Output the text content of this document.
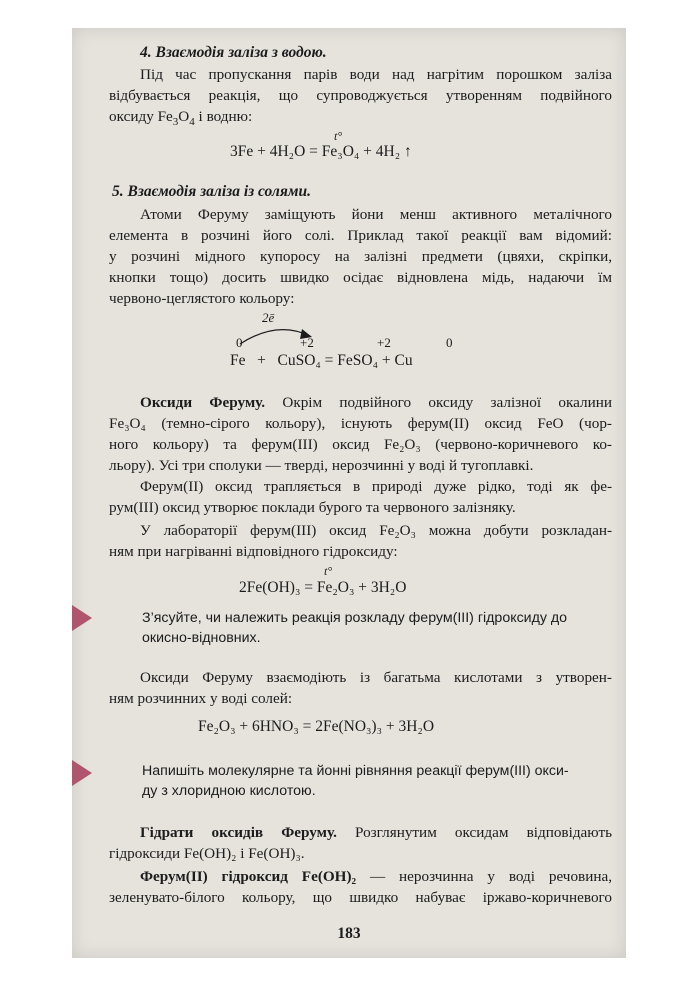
4. Взаємодія заліза з водою.
Під час пропускання парів води над нагрітим порошком заліза
відбувається реакція, що супроводжується утворенням подвійного
оксиду $Fe_3O_4$ і водню:
t°
3Fe + 4H₂O = Fe₃O₄ + 4H₂ ↑
5. Взаємодія заліза із солями.
Атоми Феруму заміщують йони менш активного металічного
елемента в розчині його солі. Приклад такої реакції вам відомий:
у розчині мідного купоросу на залізні предмети (цвяхи, скріпки,
кнопки тощо) досить швидко осідає відновлена мідь, надаючи їм
червоно-цеглястого кольору:
2ē
0	+2	+2	0
Fe + CuSO₄ = FeSO₄ + Cu
Оксиди Феруму. Окрім подвійного оксиду залізної окалини
Fe₃O₄ (темно-сірого кольору), існують ферум(II) оксид FeO (чор-
ного кольору) та ферум(III) оксид Fe₂O₃ (червоно-коричневого ко-
льору). Усі три сполуки — тверді, нерозчинні у воді й тугоплавкі.
Ферум(II) оксид трапляється в природі дуже рідко, тоді як фе-
рум(III) оксид утворює поклади бурого та червоного залізняку.
У лабораторії ферум(III) оксид Fe₂O₃ можна добути розкладан-
ням при нагріванні відповідного гідроксиду:
t°
2Fe(OH)₃ = Fe₂O₃ + 3H₂O
З’ясуйте, чи належить реакція розкладу ферум(III) гідроксиду до
окисно-відновних.
Оксиди Феруму взаємодіють із багатьма кислотами з утворен-
ням розчинних у воді солей:
Fe₂O₃ + 6HNO₃ = 2Fe(NO₃)₃ + 3H₂O
Напишіть молекулярне та йонні рівняння реакції ферум(III) окси-
ду з хлоридною кислотою.
Гідрати оксидів Феруму. Розглянутим оксидам відповідають
гідроксиди Fe(OH)₂ і Fe(OH)₃.
Ферум(II) гідроксид Fe(OH)₂ — нерозчинна у воді речовина,
зеленувато-білого кольору, що швидко набуває іржаво-коричневого
183
